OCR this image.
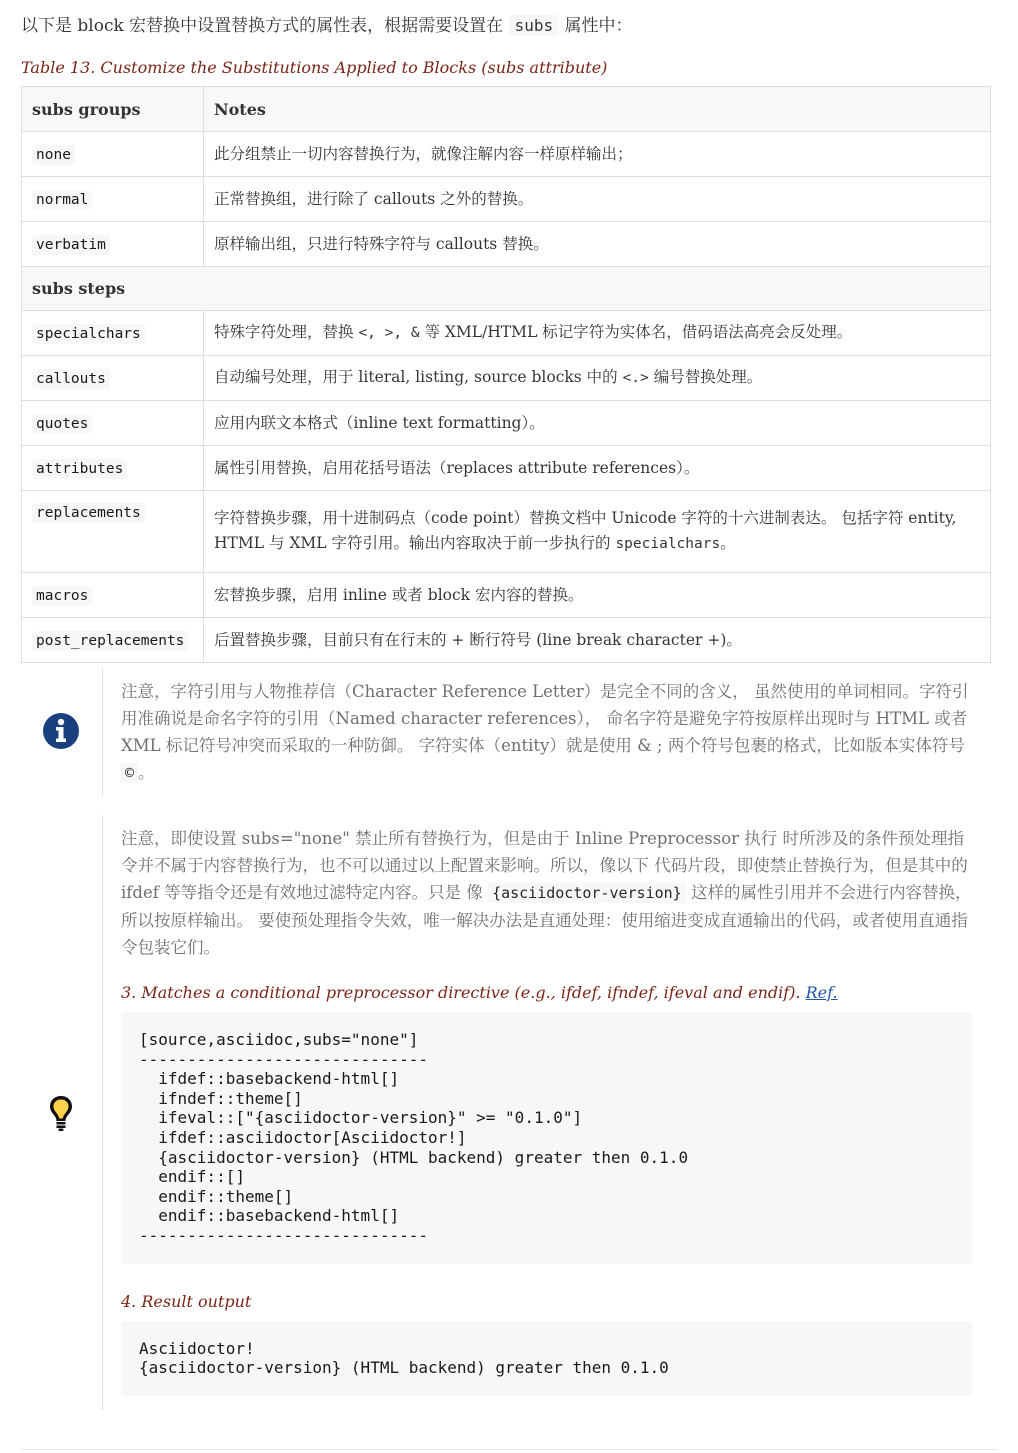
以下是 block 宏替换中设置替换方式的属性表，根据需要设置在 subs 属性中：
Table 13. Customize the Substitutions Applied to Blocks (subs attribute)
subs groups	Notes
none	此分组禁止一切内容替换行为，就像注解内容一样原样输出；
normal	正常替换组，进行除了 callouts 之外的替换。
verbatim	原样输出组，只进行特殊字符与 callouts 替换。
subs steps	
specialchars	特殊字符处理，替换 <, >, & 等 XML/HTML 标记字符为实体名，借码语法高亮会反处理。
callouts	自动编号处理，用于 literal, listing, source blocks 中的 <.> 编号替换处理。
quotes	应用内联文本格式（inline text formatting）。
attributes	属性引用替换，启用花括号语法（replaces attribute references）。
replacements	字符替换步骤，用十进制码点（code point）替换文档中 Unicode 字符的十六进制表达。 包括字符 entity, HTML 与 XML 字符引用。输出内容取决于前一步执行的 specialchars。
macros	宏替换步骤，启用 inline 或者 block 宏内容的替换。
post_replacements	后置替换步骤，目前只有在行末的 + 断行符号 (line break character +)。
注意，字符引用与人物推荐信（Character Reference Letter）是完全不同的含义， 虽然使用的单词相同。字符引用准确说是命名字符的引用（Named character references）， 命名字符是避免字符按原样出现时与 HTML 或者 XML 标记符号冲突而采取的一种防御。 字符实体（entity）就是使用 & ; 两个符号包裹的格式，比如版本实体符号 © 。
注意，即使设置 subs="none" 禁止所有替换行为，但是由于 Inline Preprocessor 执行 时所涉及的条件预处理指令并不属于内容替换行为，也不可以通过以上配置来影响。所以，像以下 代码片段，即使禁止替换行为，但是其中的 ifdef 等等指令还是有效地过滤特定内容。只是 像 {asciidoctor-version} 这样的属性引用并不会进行内容替换，所以按原样输出。 要使预处理指令失效，唯一解决办法是直通处理：使用缩进变成直通输出的代码，或者使用直通指令包装它们。
3. Matches a conditional preprocessor directive (e.g., ifdef, ifndef, ifeval and endif). Ref.
[source,asciidoc,subs="none"]
------------------------------
ifdef::basebackend-html[]
ifndef::theme[]
ifeval::["{asciidoctor-version}" >= "0.1.0"]
ifdef::asciidoctor[Asciidoctor!]
{asciidoctor-version} (HTML backend) greater then 0.1.0
endif::[]
endif::theme[]
endif::basebackend-html[]
------------------------------
4. Result output
Asciidoctor!
{asciidoctor-version} (HTML backend) greater then 0.1.0
